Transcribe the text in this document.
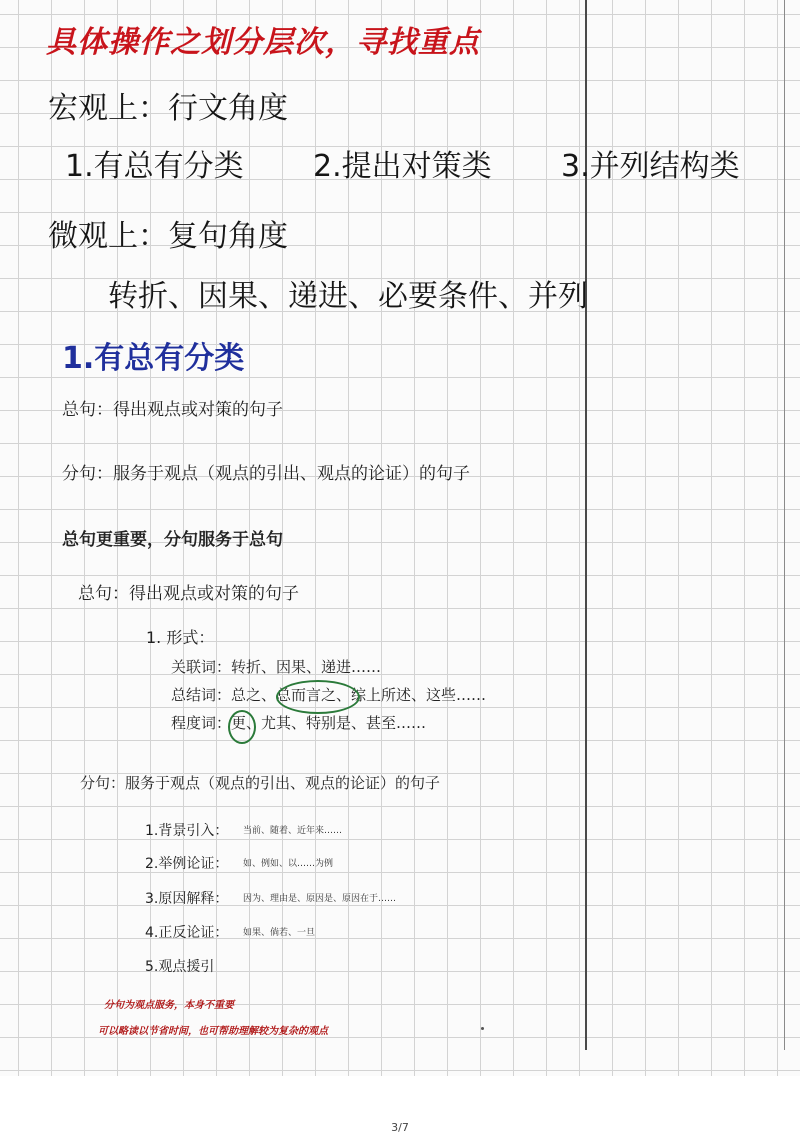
具体操作之划分层次，寻找重点
宏观上：行文角度
1.有总有分类 2.提出对策类 3.并列结构类
微观上：复句角度
转折、因果、递进、必要条件、并列
1.有总有分类
总句：得出观点或对策的句子
分句：服务于观点（观点的引出、观点的论证）的句子
总句更重要，分句服务于总句
总句：得出观点或对策的句子
1. 形式：
关联词： 转折、因果、递进……
总结词： 总之、总而言之、综上所述、这些……
程度词： 更、尤其、特别是、甚至……
分句：服务于观点（观点的引出、观点的论证）的句子
1.背景引入： 当前、随着、近年来……
2.举例论证： 如、例如、以……为例
3.原因解释： 因为、理由是、原因是、原因在于……
4.正反论证： 如果、倘若、一旦
5.观点援引
分句为观点服务，本身不重要
可以略读以节省时间，也可帮助理解较为复杂的观点
3/7
